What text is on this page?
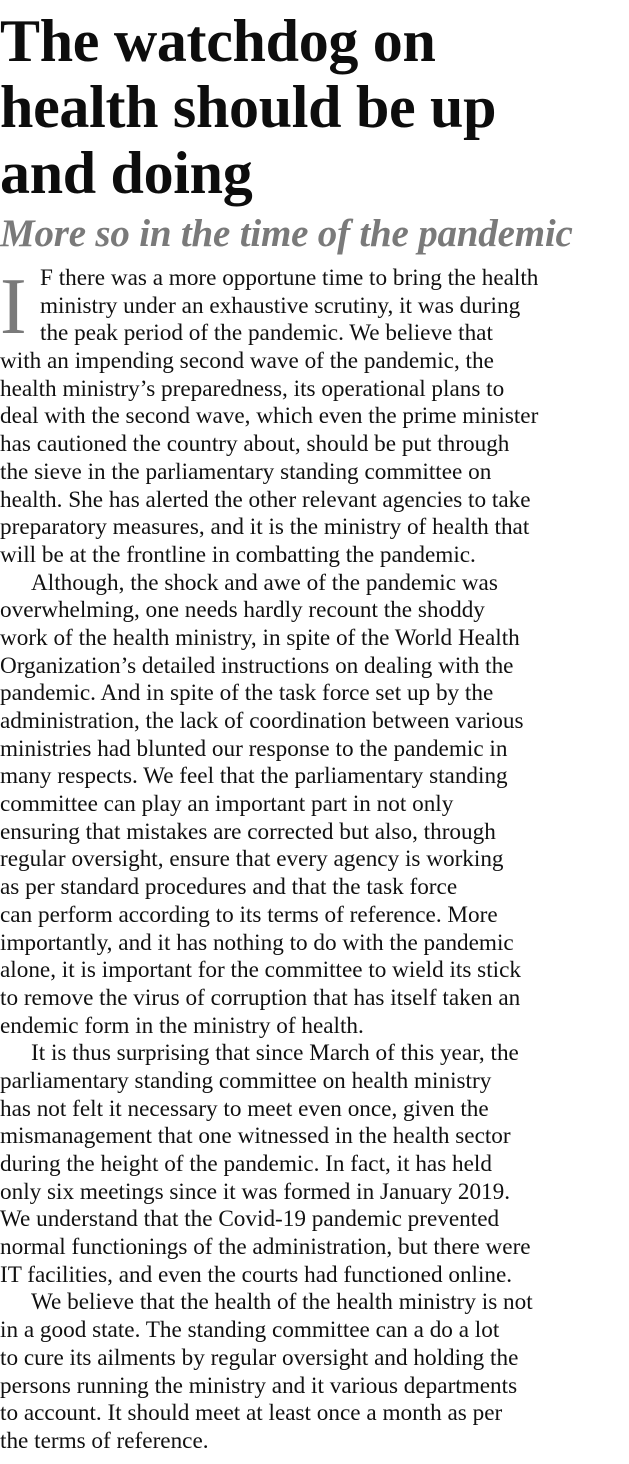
The watchdog on
health should be up
and doing
More so in the time of the pandemic
I F there was a more opportune time to bring the health
ministry under an exhaustive scrutiny, it was during
the peak period of the pandemic. We believe that
with an impending second wave of the pandemic, the
health ministry’s preparedness, its operational plans to
deal with the second wave, which even the prime minister
has cautioned the country about, should be put through
the sieve in the parliamentary standing committee on
health. She has alerted the other relevant agencies to take
preparatory measures, and it is the ministry of health that
will be at the frontline in combatting the pandemic.
Although, the shock and awe of the pandemic was
overwhelming, one needs hardly recount the shoddy
work of the health ministry, in spite of the World Health
Organization’s detailed instructions on dealing with the
pandemic. And in spite of the task force set up by the
administration, the lack of coordination between various
ministries had blunted our response to the pandemic in
many respects. We feel that the parliamentary standing
committee can play an important part in not only
ensuring that mistakes are corrected but also, through
regular oversight, ensure that every agency is working
as per standard procedures and that the task force
can perform according to its terms of reference. More
importantly, and it has nothing to do with the pandemic
alone, it is important for the committee to wield its stick
to remove the virus of corruption that has itself taken an
endemic form in the ministry of health.
It is thus surprising that since March of this year, the
parliamentary standing committee on health ministry
has not felt it necessary to meet even once, given the
mismanagement that one witnessed in the health sector
during the height of the pandemic. In fact, it has held
only six meetings since it was formed in January 2019.
We understand that the Covid-19 pandemic prevented
normal functionings of the administration, but there were
IT facilities, and even the courts had functioned online.
We believe that the health of the health ministry is not
in a good state. The standing committee can a do a lot
to cure its ailments by regular oversight and holding the
persons running the ministry and it various departments
to account. It should meet at least once a month as per
the terms of reference.
